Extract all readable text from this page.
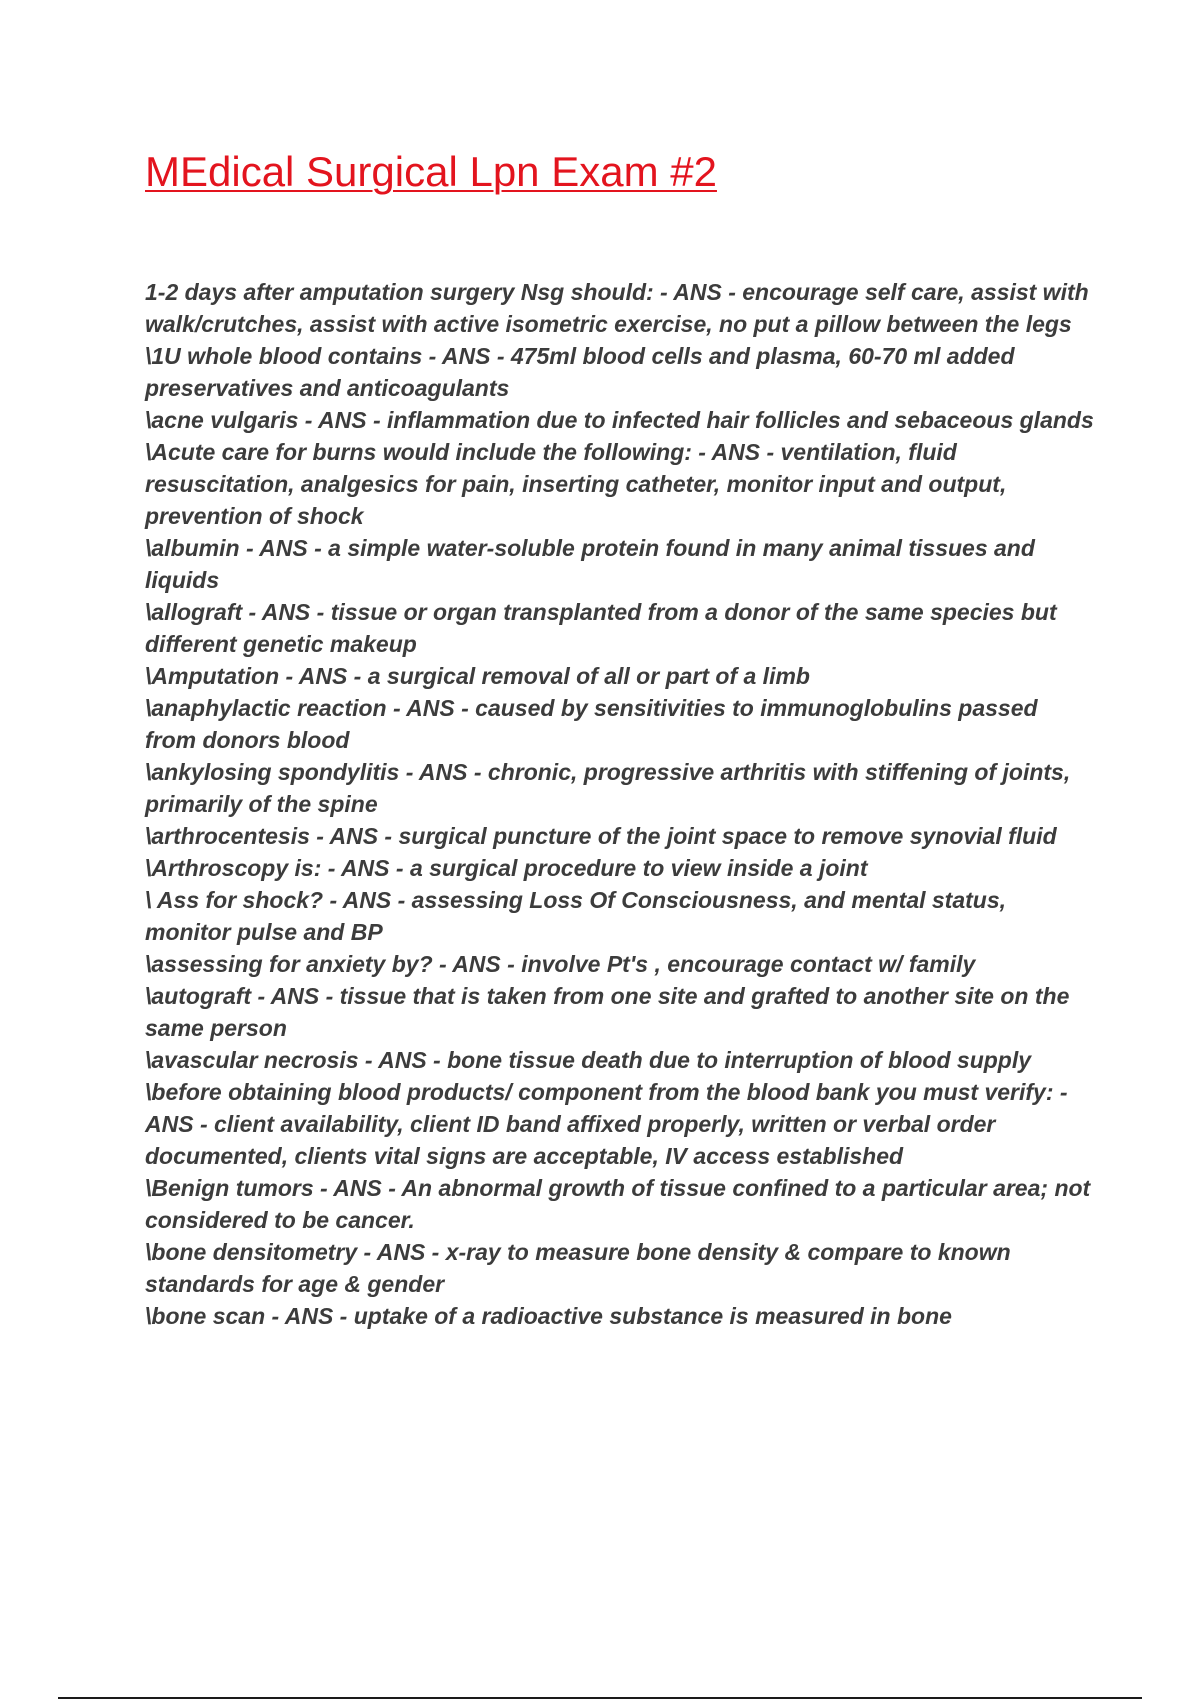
MEdical Surgical Lpn Exam #2

1-2 days after amputation surgery Nsg should: - ANS - encourage self care, assist with walk/crutches, assist with active isometric exercise, no put a pillow between the legs

\1U whole blood contains - ANS - 475ml blood cells and plasma, 60-70 ml added preservatives and anticoagulants

\acne vulgaris - ANS - inflammation due to infected hair follicles and sebaceous glands

\Acute care for burns would include the following: - ANS - ventilation, fluid resuscitation, analgesics for pain, inserting catheter, monitor input and output, prevention of shock

\albumin - ANS - a simple water-soluble protein found in many animal tissues and liquids

\allograft - ANS - tissue or organ transplanted from a donor of the same species but different genetic makeup

\Amputation - ANS - a surgical removal of all or part of a limb

\anaphylactic reaction - ANS - caused by sensitivities to immunoglobulins passed from donors blood

\ankylosing spondylitis - ANS - chronic, progressive arthritis with stiffening of joints, primarily of the spine

\arthrocentesis - ANS - surgical puncture of the joint space to remove synovial fluid

\Arthroscopy is: - ANS - a surgical procedure to view inside a joint

\ Ass for shock? - ANS - assessing Loss Of Consciousness, and mental status, monitor pulse and BP

\assessing for anxiety by? - ANS - involve Pt's , encourage contact w/ family

\autograft - ANS - tissue that is taken from one site and grafted to another site on the same person

\avascular necrosis - ANS - bone tissue death due to interruption of blood supply

\before obtaining blood products/ component from the blood bank you must verify: - ANS - client availability, client ID band affixed properly, written or verbal order documented, clients vital signs are acceptable, IV access established

\Benign tumors - ANS - An abnormal growth of tissue confined to a particular area; not considered to be cancer.

\bone densitometry - ANS - x-ray to measure bone density & compare to known standards for age & gender

\bone scan - ANS - uptake of a radioactive substance is measured in bone
